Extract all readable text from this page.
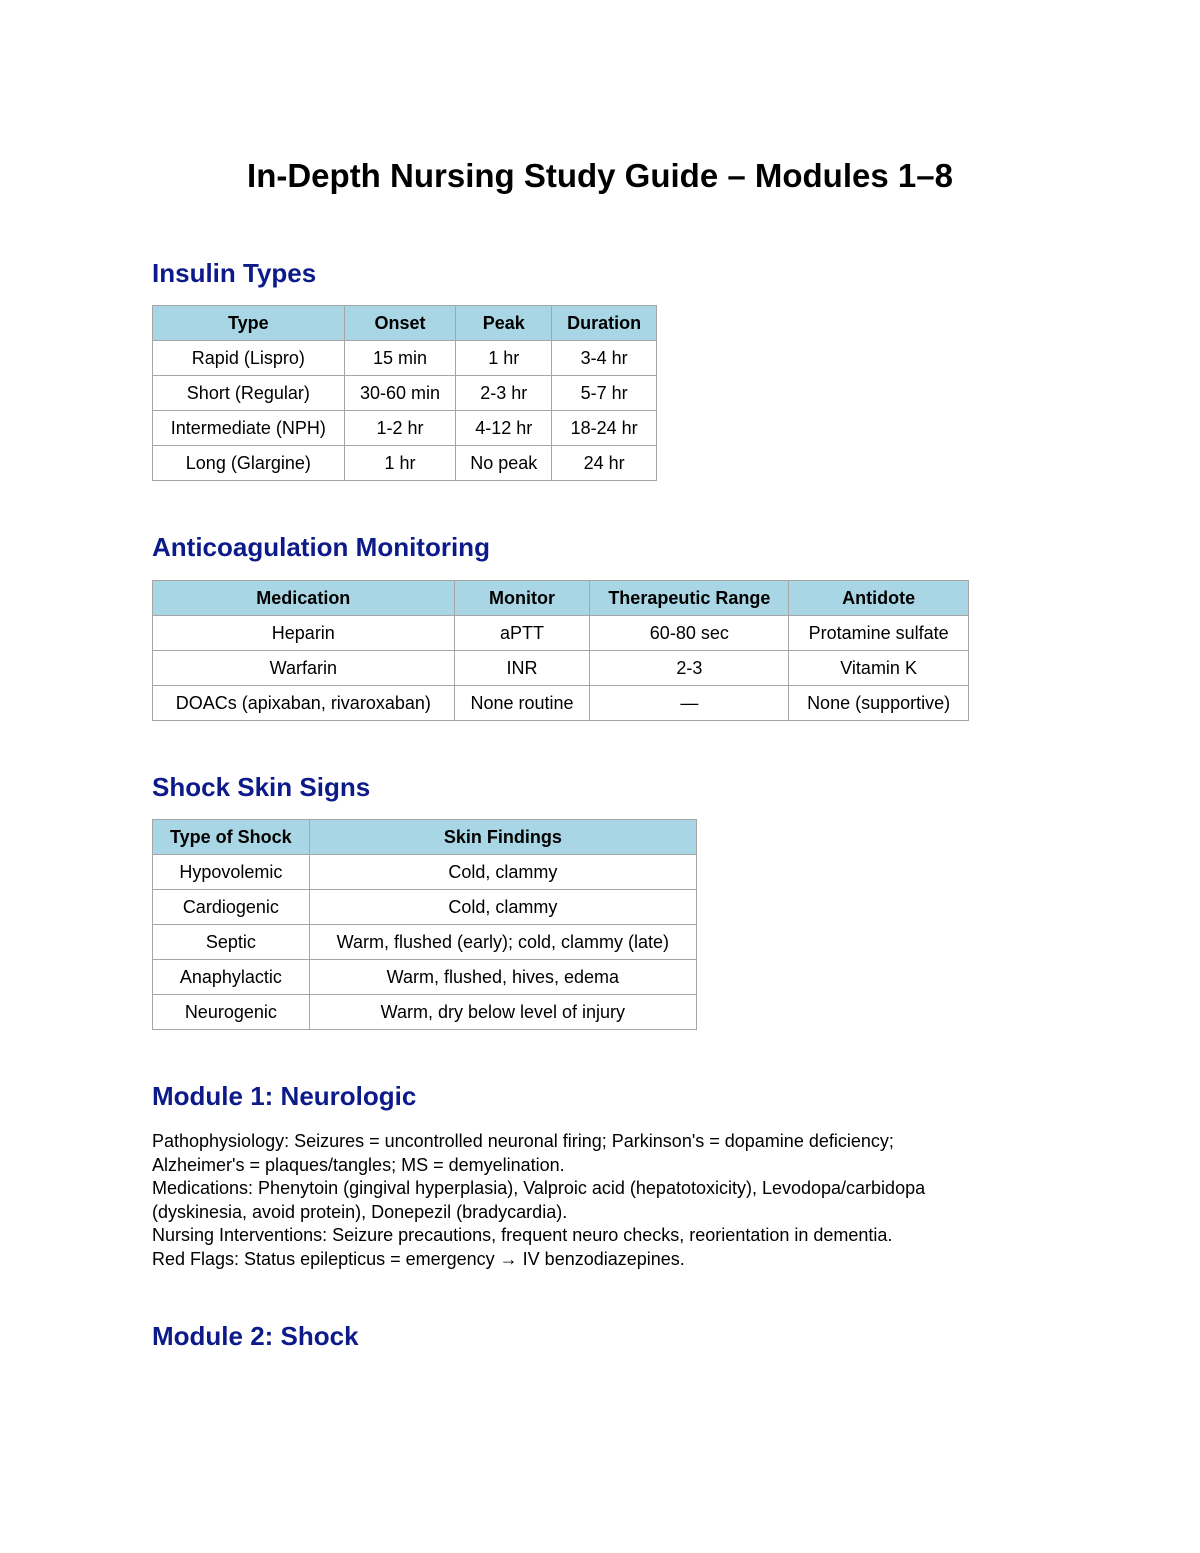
In-Depth Nursing Study Guide – Modules 1–8
Insulin Types
Type	Onset	Peak	Duration
Rapid (Lispro)	15 min	1 hr	3-4 hr
Short (Regular)	30-60 min	2-3 hr	5-7 hr
Intermediate (NPH)	1-2 hr	4-12 hr	18-24 hr
Long (Glargine)	1 hr	No peak	24 hr
Anticoagulation Monitoring
Medication	Monitor	Therapeutic Range	Antidote
Heparin	aPTT	60-80 sec	Protamine sulfate
Warfarin	INR	2-3	Vitamin K
DOACs (apixaban, rivaroxaban)	None routine	—	None (supportive)
Shock Skin Signs
Type of Shock	Skin Findings
Hypovolemic	Cold, clammy
Cardiogenic	Cold, clammy
Septic	Warm, flushed (early); cold, clammy (late)
Anaphylactic	Warm, flushed, hives, edema
Neurogenic	Warm, dry below level of injury
Module 1: Neurologic
Pathophysiology: Seizures = uncontrolled neuronal firing; Parkinson's = dopamine deficiency;
Alzheimer's = plaques/tangles; MS = demyelination.
Medications: Phenytoin (gingival hyperplasia), Valproic acid (hepatotoxicity), Levodopa/carbidopa
(dyskinesia, avoid protein), Donepezil (bradycardia).
Nursing Interventions: Seizure precautions, frequent neuro checks, reorientation in dementia.
Red Flags: Status epilepticus = emergency → IV benzodiazepines.
Module 2: Shock
